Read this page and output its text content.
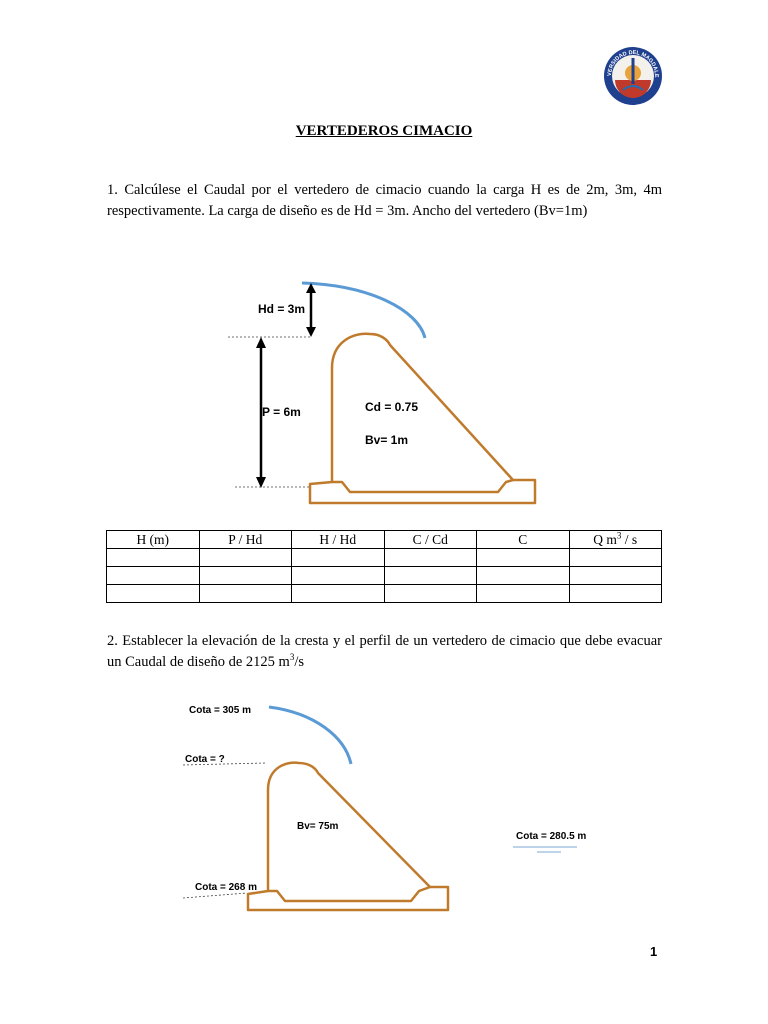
VERSIDAD DEL MAGDALE
VERTEDEROS CIMACIO

1. Calcúlese el Caudal por el vertedero de cimacio cuando la carga H es de 2m, 3m, 4m respectivamente. La carga de diseño es de Hd = 3m. Ancho del vertedero (Bv=1m)

Hd = 3m
P = 6m	Cd = 0.75
Bv= 1m
H (m)	P / Hd	H / Hd	C / Cd	C	Q $m^3$ / s

2. Establecer la elevación de la cresta y el perfil de un vertedero de cimacio que debe evacuar un Caudal de diseño de 2125 $m^3/s$

Cota = 305 m
Cota = ?
Bv= 75m
Cota = 280.5 m
Cota = 268 m
1
